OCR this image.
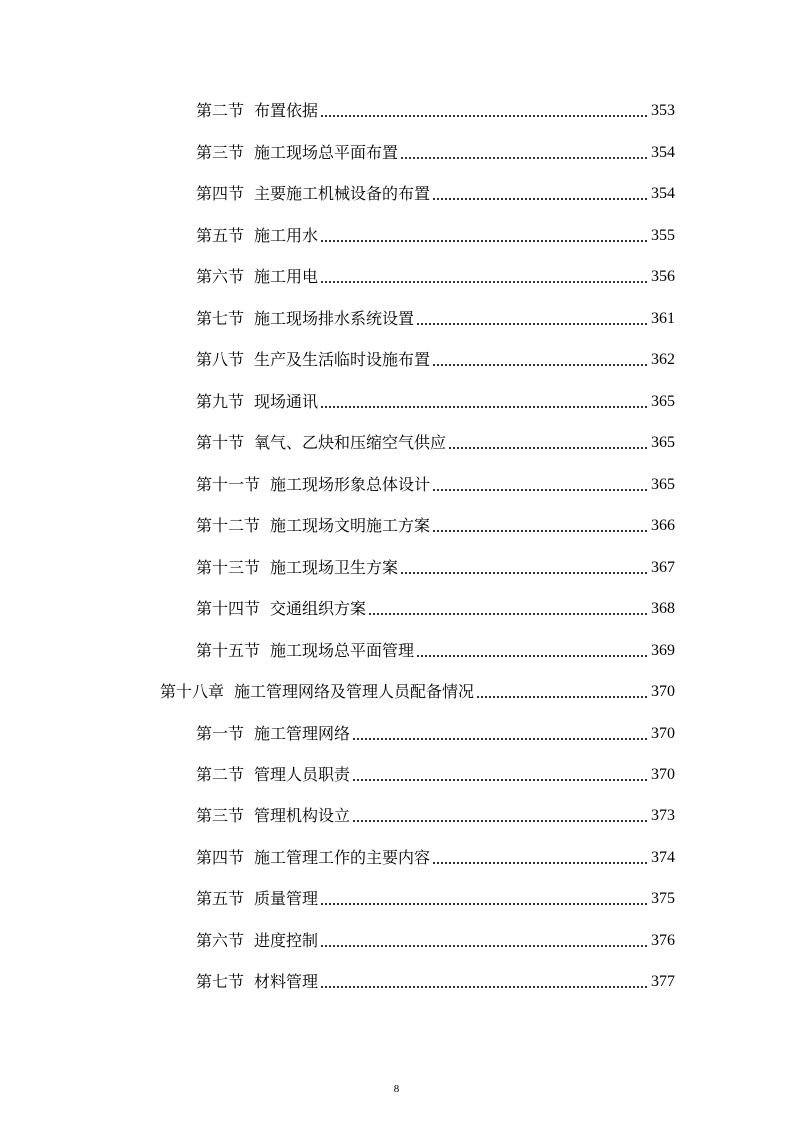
第二节 布置依据	353
第三节 施工现场总平面布置	354
第四节 主要施工机械设备的布置	354
第五节 施工用水	355
第六节 施工用电	356
第七节 施工现场排水系统设置	361
第八节 生产及生活临时设施布置	362
第九节 现场通讯	365
第十节 氧气、乙炔和压缩空气供应	365
第十一节 施工现场形象总体设计	365
第十二节 施工现场文明施工方案	366
第十三节 施工现场卫生方案	367
第十四节 交通组织方案	368
第十五节 施工现场总平面管理	369
第十八章 施工管理网络及管理人员配备情况	370
第一节 施工管理网络	370
第二节 管理人员职责	370
第三节 管理机构设立	373
第四节 施工管理工作的主要内容	374
第五节 质量管理	375
第六节 进度控制	376
第七节 材料管理	377
8
